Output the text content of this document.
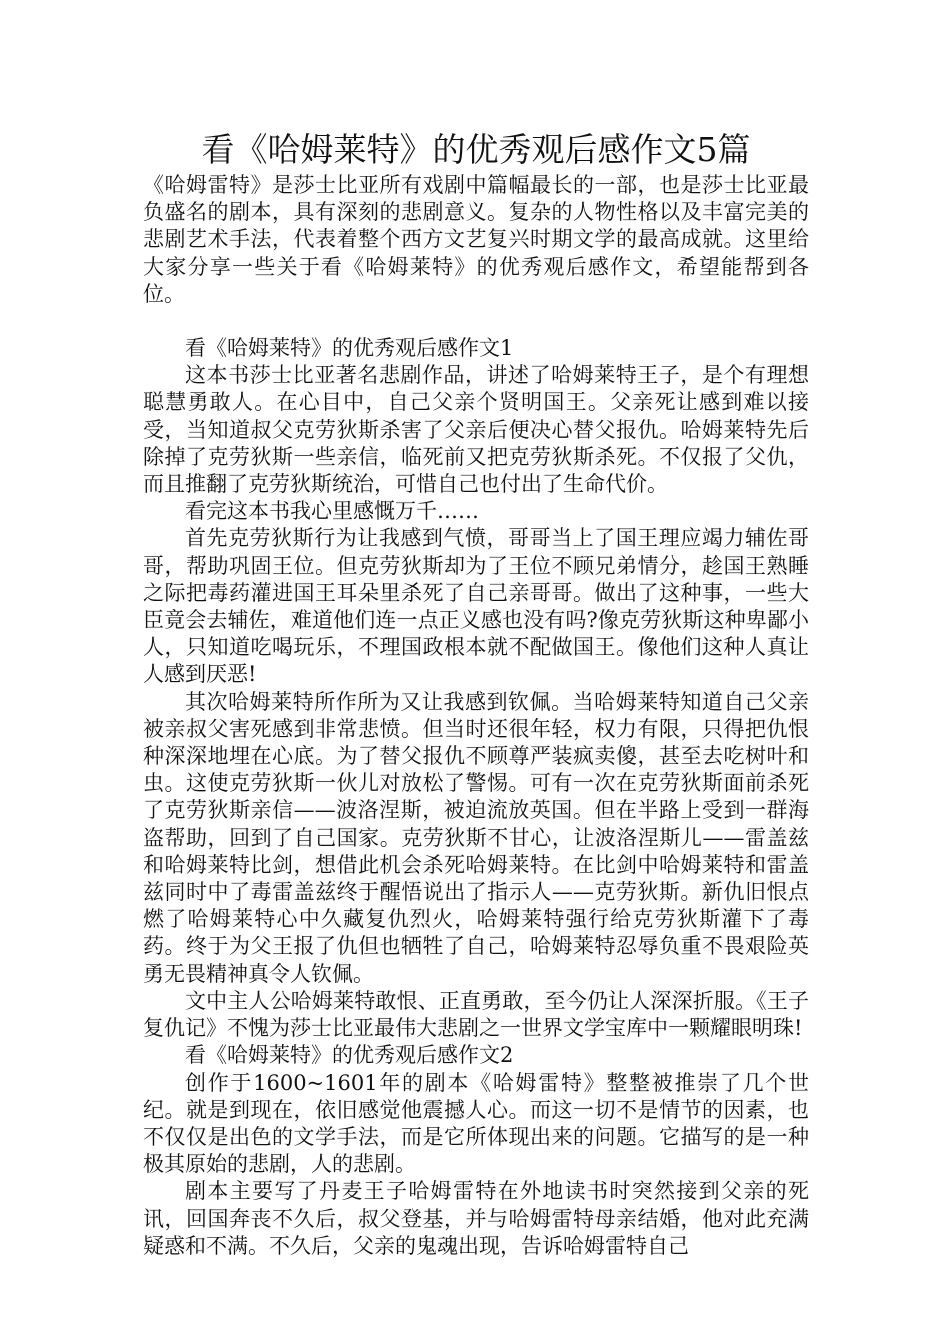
看《哈姆莱特》的优秀观后感作文5篇

《哈姆雷特》是莎士比亚所有戏剧中篇幅最长的一部，也是莎士比亚最负盛名的剧本，具有深刻的悲剧意义。复杂的人物性格以及丰富完美的悲剧艺术手法，代表着整个西方文艺复兴时期文学的最高成就。这里给大家分享一些关于看《哈姆莱特》的优秀观后感作文，希望能帮到各位。

看《哈姆莱特》的优秀观后感作文1

这本书莎士比亚著名悲剧作品，讲述了哈姆莱特王子，是个有理想聪慧勇敢人。在心目中，自己父亲个贤明国王。父亲死让感到难以接受，当知道叔父克劳狄斯杀害了父亲后便决心替父报仇。哈姆莱特先后除掉了克劳狄斯一些亲信，临死前又把克劳狄斯杀死。不仅报了父仇，而且推翻了克劳狄斯统治，可惜自己也付出了生命代价。

看完这本书我心里感慨万千……

首先克劳狄斯行为让我感到气愤，哥哥当上了国王理应竭力辅佐哥哥，帮助巩固王位。但克劳狄斯却为了王位不顾兄弟情分，趁国王熟睡之际把毒药灌进国王耳朵里杀死了自己亲哥哥。做出了这种事，一些大臣竟会去辅佐，难道他们连一点正义感也没有吗?像克劳狄斯这种卑鄙小人，只知道吃喝玩乐，不理国政根本就不配做国王。像他们这种人真让人感到厌恶!

其次哈姆莱特所作所为又让我感到钦佩。当哈姆莱特知道自己父亲被亲叔父害死感到非常悲愤。但当时还很年轻，权力有限，只得把仇恨种深深地埋在心底。为了替父报仇不顾尊严装疯卖傻，甚至去吃树叶和虫。这使克劳狄斯一伙儿对放松了警惕。可有一次在克劳狄斯面前杀死了克劳狄斯亲信——波洛涅斯，被迫流放英国。但在半路上受到一群海盗帮助，回到了自己国家。克劳狄斯不甘心，让波洛涅斯儿——雷盖兹和哈姆莱特比剑，想借此机会杀死哈姆莱特。在比剑中哈姆莱特和雷盖兹同时中了毒雷盖兹终于醒悟说出了指示人——克劳狄斯。新仇旧恨点燃了哈姆莱特心中久藏复仇烈火，哈姆莱特强行给克劳狄斯灌下了毒药。终于为父王报了仇但也牺牲了自己，哈姆莱特忍辱负重不畏艰险英勇无畏精神真令人钦佩。

文中主人公哈姆莱特敢恨、正直勇敢，至今仍让人深深折服。《王子复仇记》不愧为莎士比亚最伟大悲剧之一世界文学宝库中一颗耀眼明珠!

看《哈姆莱特》的优秀观后感作文2

创作于1600~1601年的剧本《哈姆雷特》整整被推崇了几个世纪。就是到现在，依旧感觉他震撼人心。而这一切不是情节的因素，也不仅仅是出色的文学手法，而是它所体现出来的问题。它描写的是一种极其原始的悲剧，人的悲剧。

剧本主要写了丹麦王子哈姆雷特在外地读书时突然接到父亲的死讯，回国奔丧不久后，叔父登基，并与哈姆雷特母亲结婚，他对此充满疑惑和不满。不久后，父亲的鬼魂出现，告诉哈姆雷特自己
